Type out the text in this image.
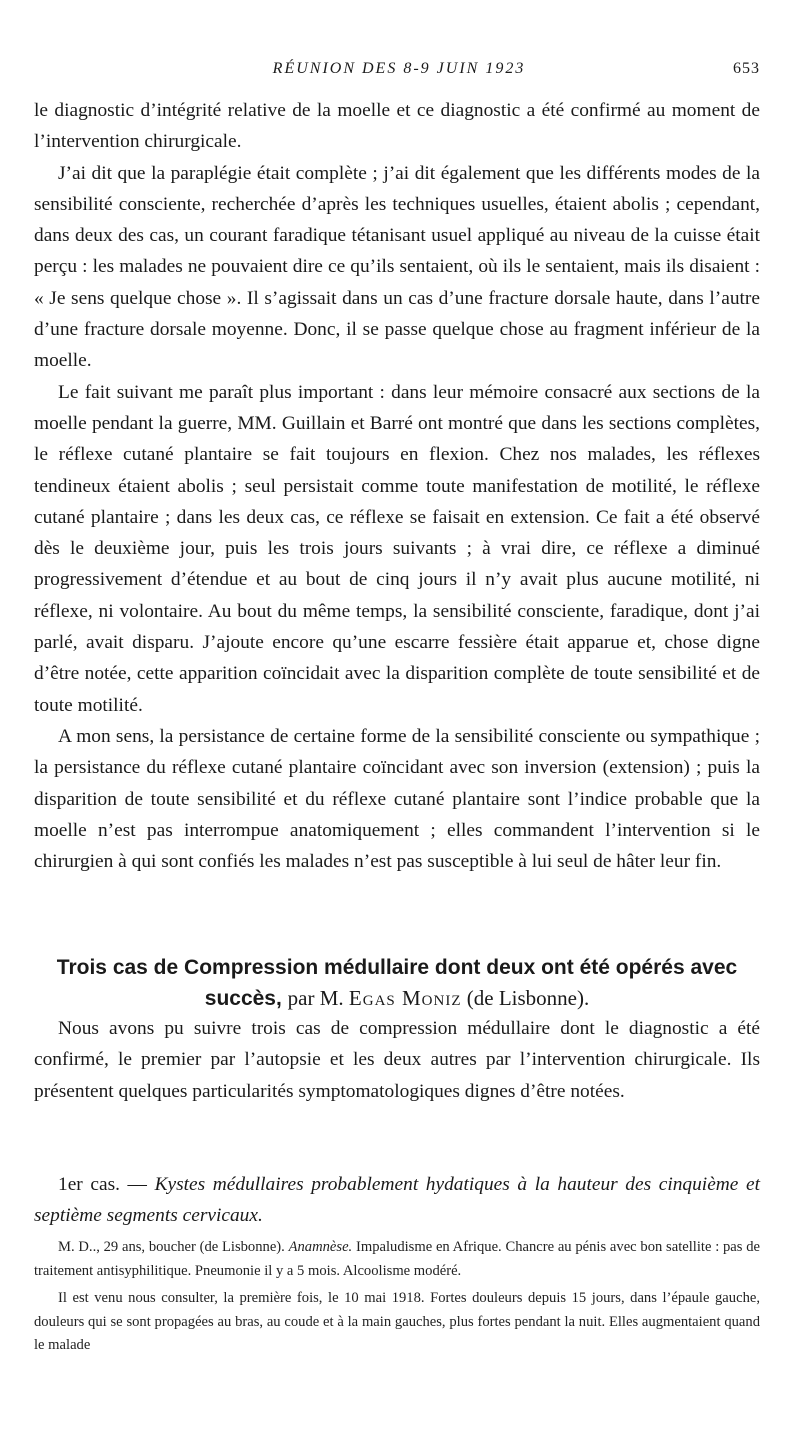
RÉUNION DES 8-9 JUIN 1923	653

le diagnostic d’intégrité relative de la moelle et ce diagnostic a été confirmé au moment de l’intervention chirurgicale.

J’ai dit que la paraplégie était complète ; j’ai dit également que les différents modes de la sensibilité consciente, recherchée d’après les techniques usuelles, étaient abolis ; cependant, dans deux des cas, un courant faradique tétanisant usuel appliqué au niveau de la cuisse était perçu : les malades ne pouvaient dire ce qu’ils sentaient, où ils le sentaient, mais ils disaient : « Je sens quelque chose ». Il s’agissait dans un cas d’une fracture dorsale haute, dans l’autre d’une fracture dorsale moyenne. Donc, il se passe quelque chose au fragment inférieur de la moelle.

Le fait suivant me paraît plus important : dans leur mémoire consacré aux sections de la moelle pendant la guerre, MM. Guillain et Barré ont montré que dans les sections complètes, le réflexe cutané plantaire se fait toujours en flexion. Chez nos malades, les réflexes tendineux étaient abolis ; seul persistait comme toute manifestation de motilité, le réflexe cutané plantaire ; dans les deux cas, ce réflexe se faisait en extension. Ce fait a été observé dès le deuxième jour, puis les trois jours suivants ; à vrai dire, ce réflexe a diminué progressivement d’étendue et au bout de cinq jours il n’y avait plus aucune motilité, ni réflexe, ni volontaire. Au bout du même temps, la sensibilité consciente, faradique, dont j’ai parlé, avait disparu. J’ajoute encore qu’une escarre fessière était apparue et, chose digne d’être notée, cette apparition coïncidait avec la disparition complète de toute sensibilité et de toute motilité.

A mon sens, la persistance de certaine forme de la sensibilité consciente ou sympathique ; la persistance du réflexe cutané plantaire coïncidant avec son inversion (extension) ; puis la disparition de toute sensibilité et du réflexe cutané plantaire sont l’indice probable que la moelle n’est pas interrompue anatomiquement ; elles commandent l’intervention si le chirurgien à qui sont confiés les malades n’est pas susceptible à lui seul de hâter leur fin.

Trois cas de Compression médullaire dont deux ont été opérés avec succès, par M. Egas Moniz (de Lisbonne).

Nous avons pu suivre trois cas de compression médullaire dont le diagnostic a été confirmé, le premier par l’autopsie et les deux autres par l’intervention chirurgicale. Ils présentent quelques particularités symptomatologiques dignes d’être notées.

1er cas. — Kystes médullaires probablement hydatiques à la hauteur des cinquième et septième segments cervicaux.

M. D.., 29 ans, boucher (de Lisbonne). Anamnèse. Impaludisme en Afrique. Chancre au pénis avec bon satellite : pas de traitement antisyphilitique. Pneumonie il y a 5 mois. Alcoolisme modéré.

Il est venu nous consulter, la première fois, le 10 mai 1918. Fortes douleurs depuis 15 jours, dans l’épaule gauche, douleurs qui se sont propagées au bras, au coude et à la main gauches, plus fortes pendant la nuit. Elles augmentaient quand le malade
